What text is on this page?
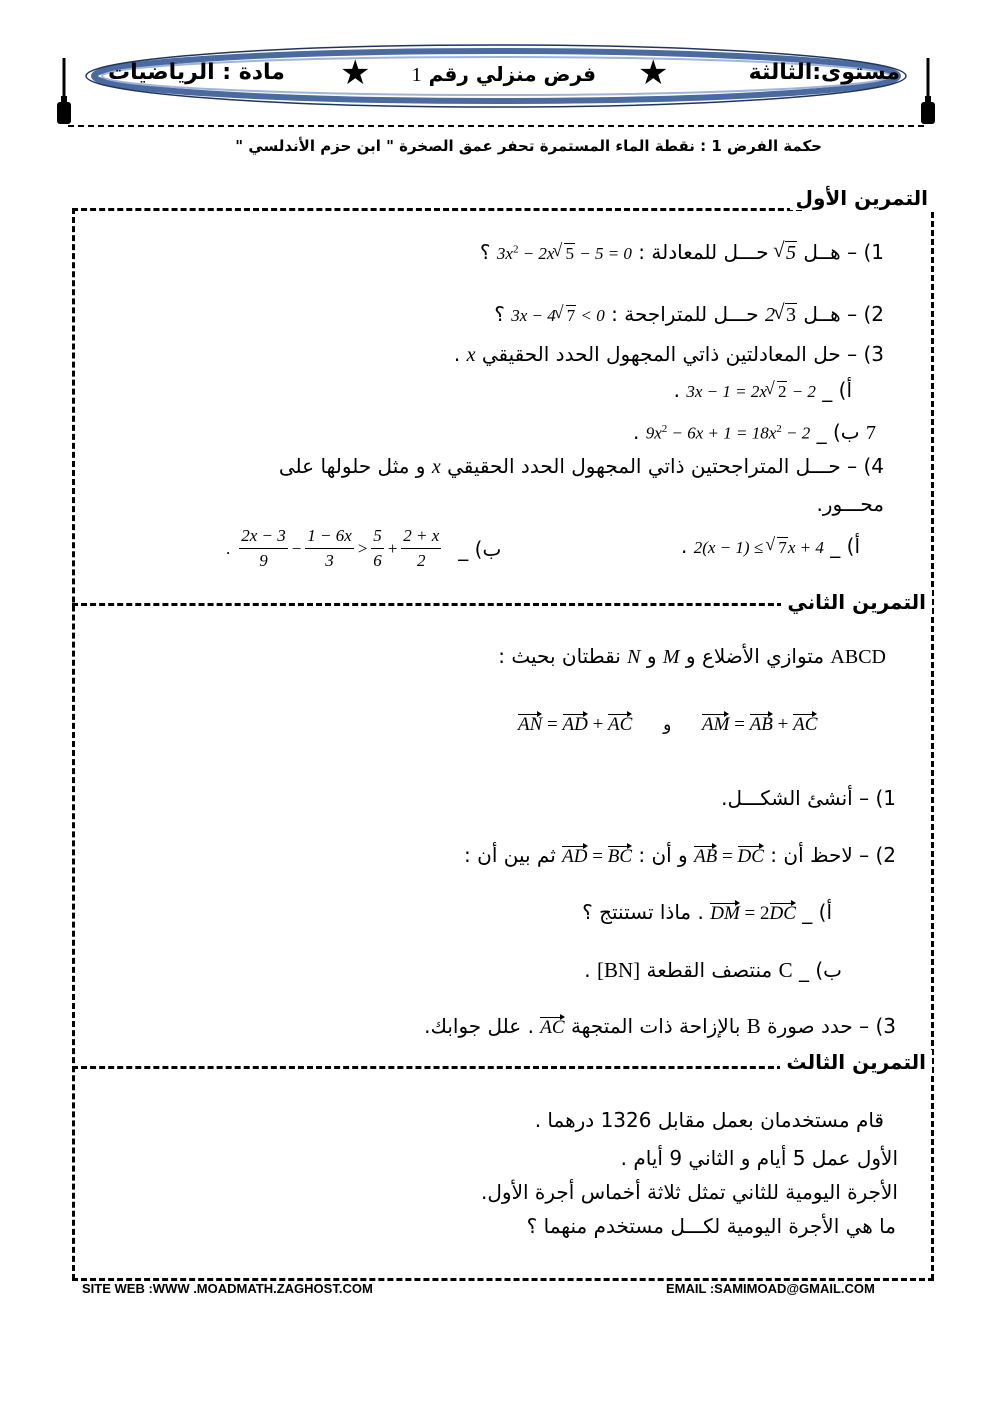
مستوى:الثالثة
★
فرض منزلي رقم 1
★
مادة : الرياضيات
حكمة الفرض 1 : نقطة الماء المستمرة تحفر عمق الصخرة " ابن حزم الأندلسي "
التمرين الأول
1) – هــل √ 5 حـــل للمعادلة : $3x^2 - 2x√$ 5 − 5 = 0 ؟
2) – هــل 2√ 3 حـــل للمتراجحة : 3x − 4√ 7 < 0 ؟
3) – حل المعادلتين ذاتي المجهول الحدد الحقيقي x .
أ) _ 3x − 1 = 2x√ 2 − 2 .
7 ب) _ $9x^2 - 6x + 1 = 18x^2 - 2$ .
4) – حـــل المتراجحتين ذاتي المجهول الحدد الحقيقي x و مثل حلولها على
محـــور.
أ) _ 2(x − 1) ≤ √ 7x + 4 .
. $\frac{2x - 3}{9} - \frac{1 - 6x}{3} > \frac{5}{6} + \frac{2 + x}{2}$ ب) _
التمرين الثاني
ABCD متوازي الأضلاع و M و N نقطتان بحيث :
AN = AD + AC و AM = AB + AC
1) – أنشئ الشكـــل.
2) – لاحظ أن : AB = DC و أن : AD = BC ثم بين أن :
أ) _ DM = 2DC . ماذا تستنتج ؟
ب) _ C منتصف القطعة [BN] .
3) – حدد صورة B بالإزاحة ذات المتجهة AC . علل جوابك.
التمرين الثالث
قام مستخدمان بعمل مقابل 1326 درهما .
الأول عمل 5 أيام و الثاني 9 أيام .
الأجرة اليومية للثاني تمثل ثلاثة أخماس أجرة الأول.
ما هي الأجرة اليومية لكـــل مستخدم منهما ؟
SITE WEB :WWW .MOADMATH.ZAGHOST.COM	EMAIL :SAMIMOAD@GMAIL.COM
